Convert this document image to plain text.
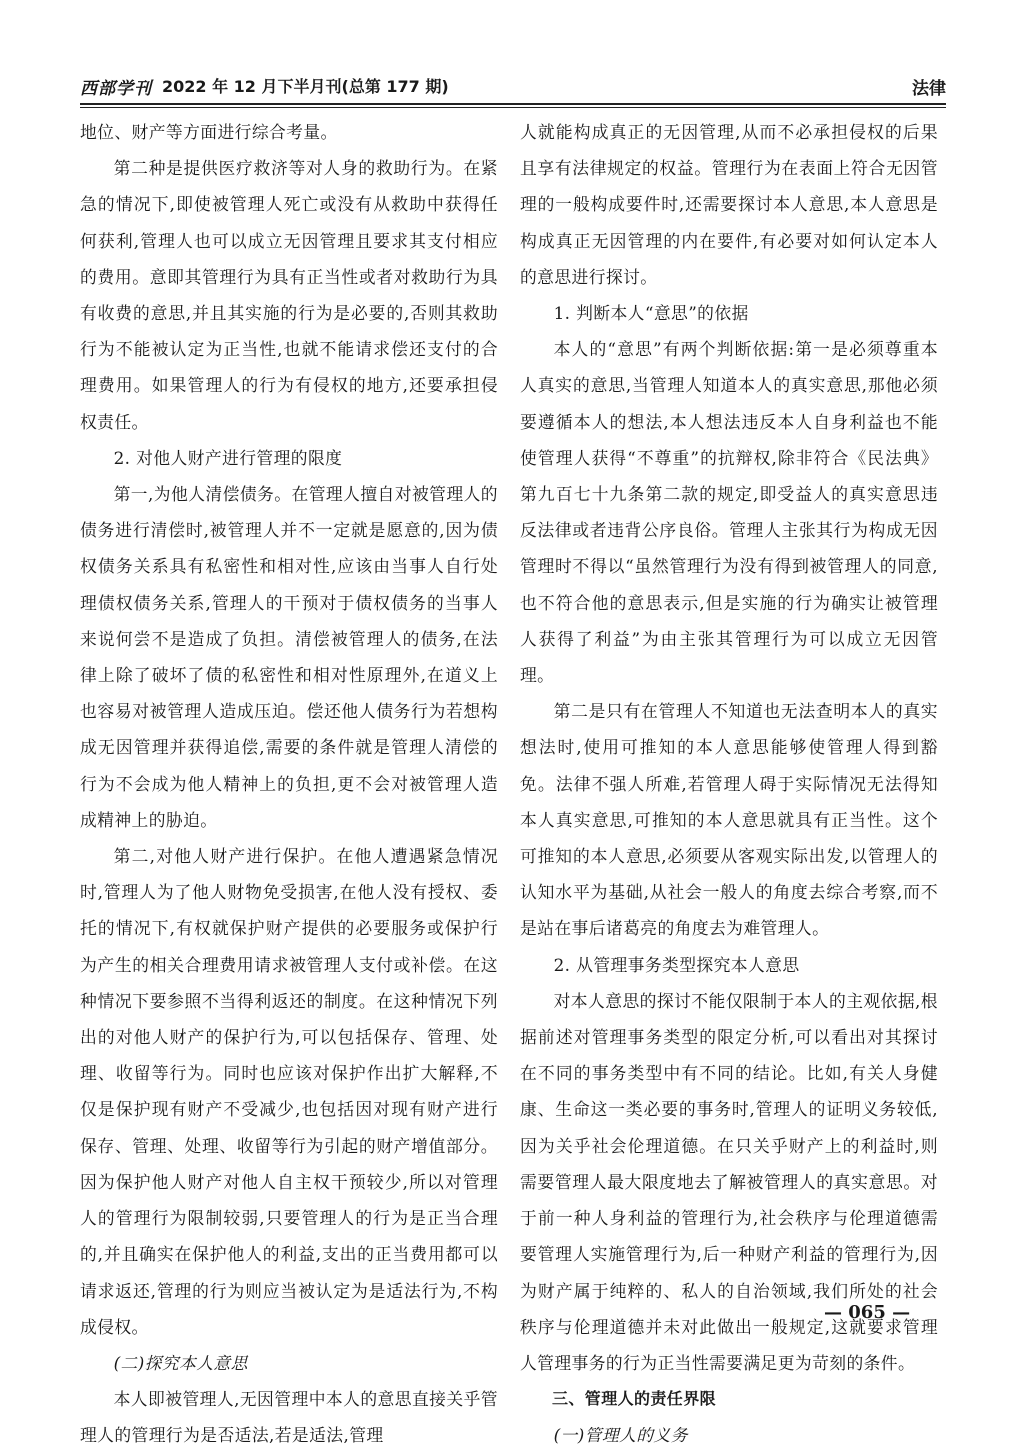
西部学刊 2022 年 12 月下半月刊(总第 177 期)	法律

地位、财产等方面进行综合考量。

第二种是提供医疗救济等对人身的救助行为。在紧急的情况下,即使被管理人死亡或没有从救助中获得任何获利,管理人也可以成立无因管理且要求其支付相应的费用。意即其管理行为具有正当性或者对救助行为具有收费的意思,并且其实施的行为是必要的,否则其救助行为不能被认定为正当性,也就不能请求偿还支付的合理费用。如果管理人的行为有侵权的地方,还要承担侵权责任。

2. 对他人财产进行管理的限度

第一,为他人清偿债务。在管理人擅自对被管理人的债务进行清偿时,被管理人并不一定就是愿意的,因为债权债务关系具有私密性和相对性,应该由当事人自行处理债权债务关系,管理人的干预对于债权债务的当事人来说何尝不是造成了负担。清偿被管理人的债务,在法律上除了破坏了债的私密性和相对性原理外,在道义上也容易对被管理人造成压迫。偿还他人债务行为若想构成无因管理并获得追偿,需要的条件就是管理人清偿的行为不会成为他人精神上的负担,更不会对被管理人造成精神上的胁迫。

第二,对他人财产进行保护。在他人遭遇紧急情况时,管理人为了他人财物免受损害,在他人没有授权、委托的情况下,有权就保护财产提供的必要服务或保护行为产生的相关合理费用请求被管理人支付或补偿。在这种情况下要参照不当得利返还的制度。在这种情况下列出的对他人财产的保护行为,可以包括保存、管理、处理、收留等行为。同时也应该对保护作出扩大解释,不仅是保护现有财产不受减少,也包括因对现有财产进行保存、管理、处理、收留等行为引起的财产增值部分。因为保护他人财产对他人自主权干预较少,所以对管理人的管理行为限制较弱,只要管理人的行为是正当合理的,并且确实在保护他人的利益,支出的正当费用都可以请求返还,管理的行为则应当被认定为是适法行为,不构成侵权。

(二)探究本人意思

本人即被管理人,无因管理中本人的意思直接关乎管理人的管理行为是否适法,若是适法,管理

人就能构成真正的无因管理,从而不必承担侵权的后果且享有法律规定的权益。管理行为在表面上符合无因管理的一般构成要件时,还需要探讨本人意思,本人意思是构成真正无因管理的内在要件,有必要对如何认定本人的意思进行探讨。

1. 判断本人“意思”的依据

本人的“意思”有两个判断依据:第一是必须尊重本人真实的意思,当管理人知道本人的真实意思,那他必须要遵循本人的想法,本人想法违反本人自身利益也不能使管理人获得“不尊重”的抗辩权,除非符合《民法典》第九百七十九条第二款的规定,即受益人的真实意思违反法律或者违背公序良俗。管理人主张其行为构成无因管理时不得以“虽然管理行为没有得到被管理人的同意,也不符合他的意思表示,但是实施的行为确实让被管理人获得了利益”为由主张其管理行为可以成立无因管理。

第二是只有在管理人不知道也无法查明本人的真实想法时,使用可推知的本人意思能够使管理人得到豁免。法律不强人所难,若管理人碍于实际情况无法得知本人真实意思,可推知的本人意思就具有正当性。这个可推知的本人意思,必须要从客观实际出发,以管理人的认知水平为基础,从社会一般人的角度去综合考察,而不是站在事后诸葛亮的角度去为难管理人。

2. 从管理事务类型探究本人意思

对本人意思的探讨不能仅限制于本人的主观依据,根据前述对管理事务类型的限定分析,可以看出对其探讨在不同的事务类型中有不同的结论。比如,有关人身健康、生命这一类必要的事务时,管理人的证明义务较低,因为关乎社会伦理道德。在只关乎财产上的利益时,则需要管理人最大限度地去了解被管理人的真实意思。对于前一种人身利益的管理行为,社会秩序与伦理道德需要管理人实施管理行为,后一种财产利益的管理行为,因为财产属于纯粹的、私人的自治领域,我们所处的社会秩序与伦理道德并未对此做出一般规定,这就要求管理人管理事务的行为正当性需要满足更为苛刻的条件。

三、管理人的责任界限

(一)管理人的义务

— 065 —
